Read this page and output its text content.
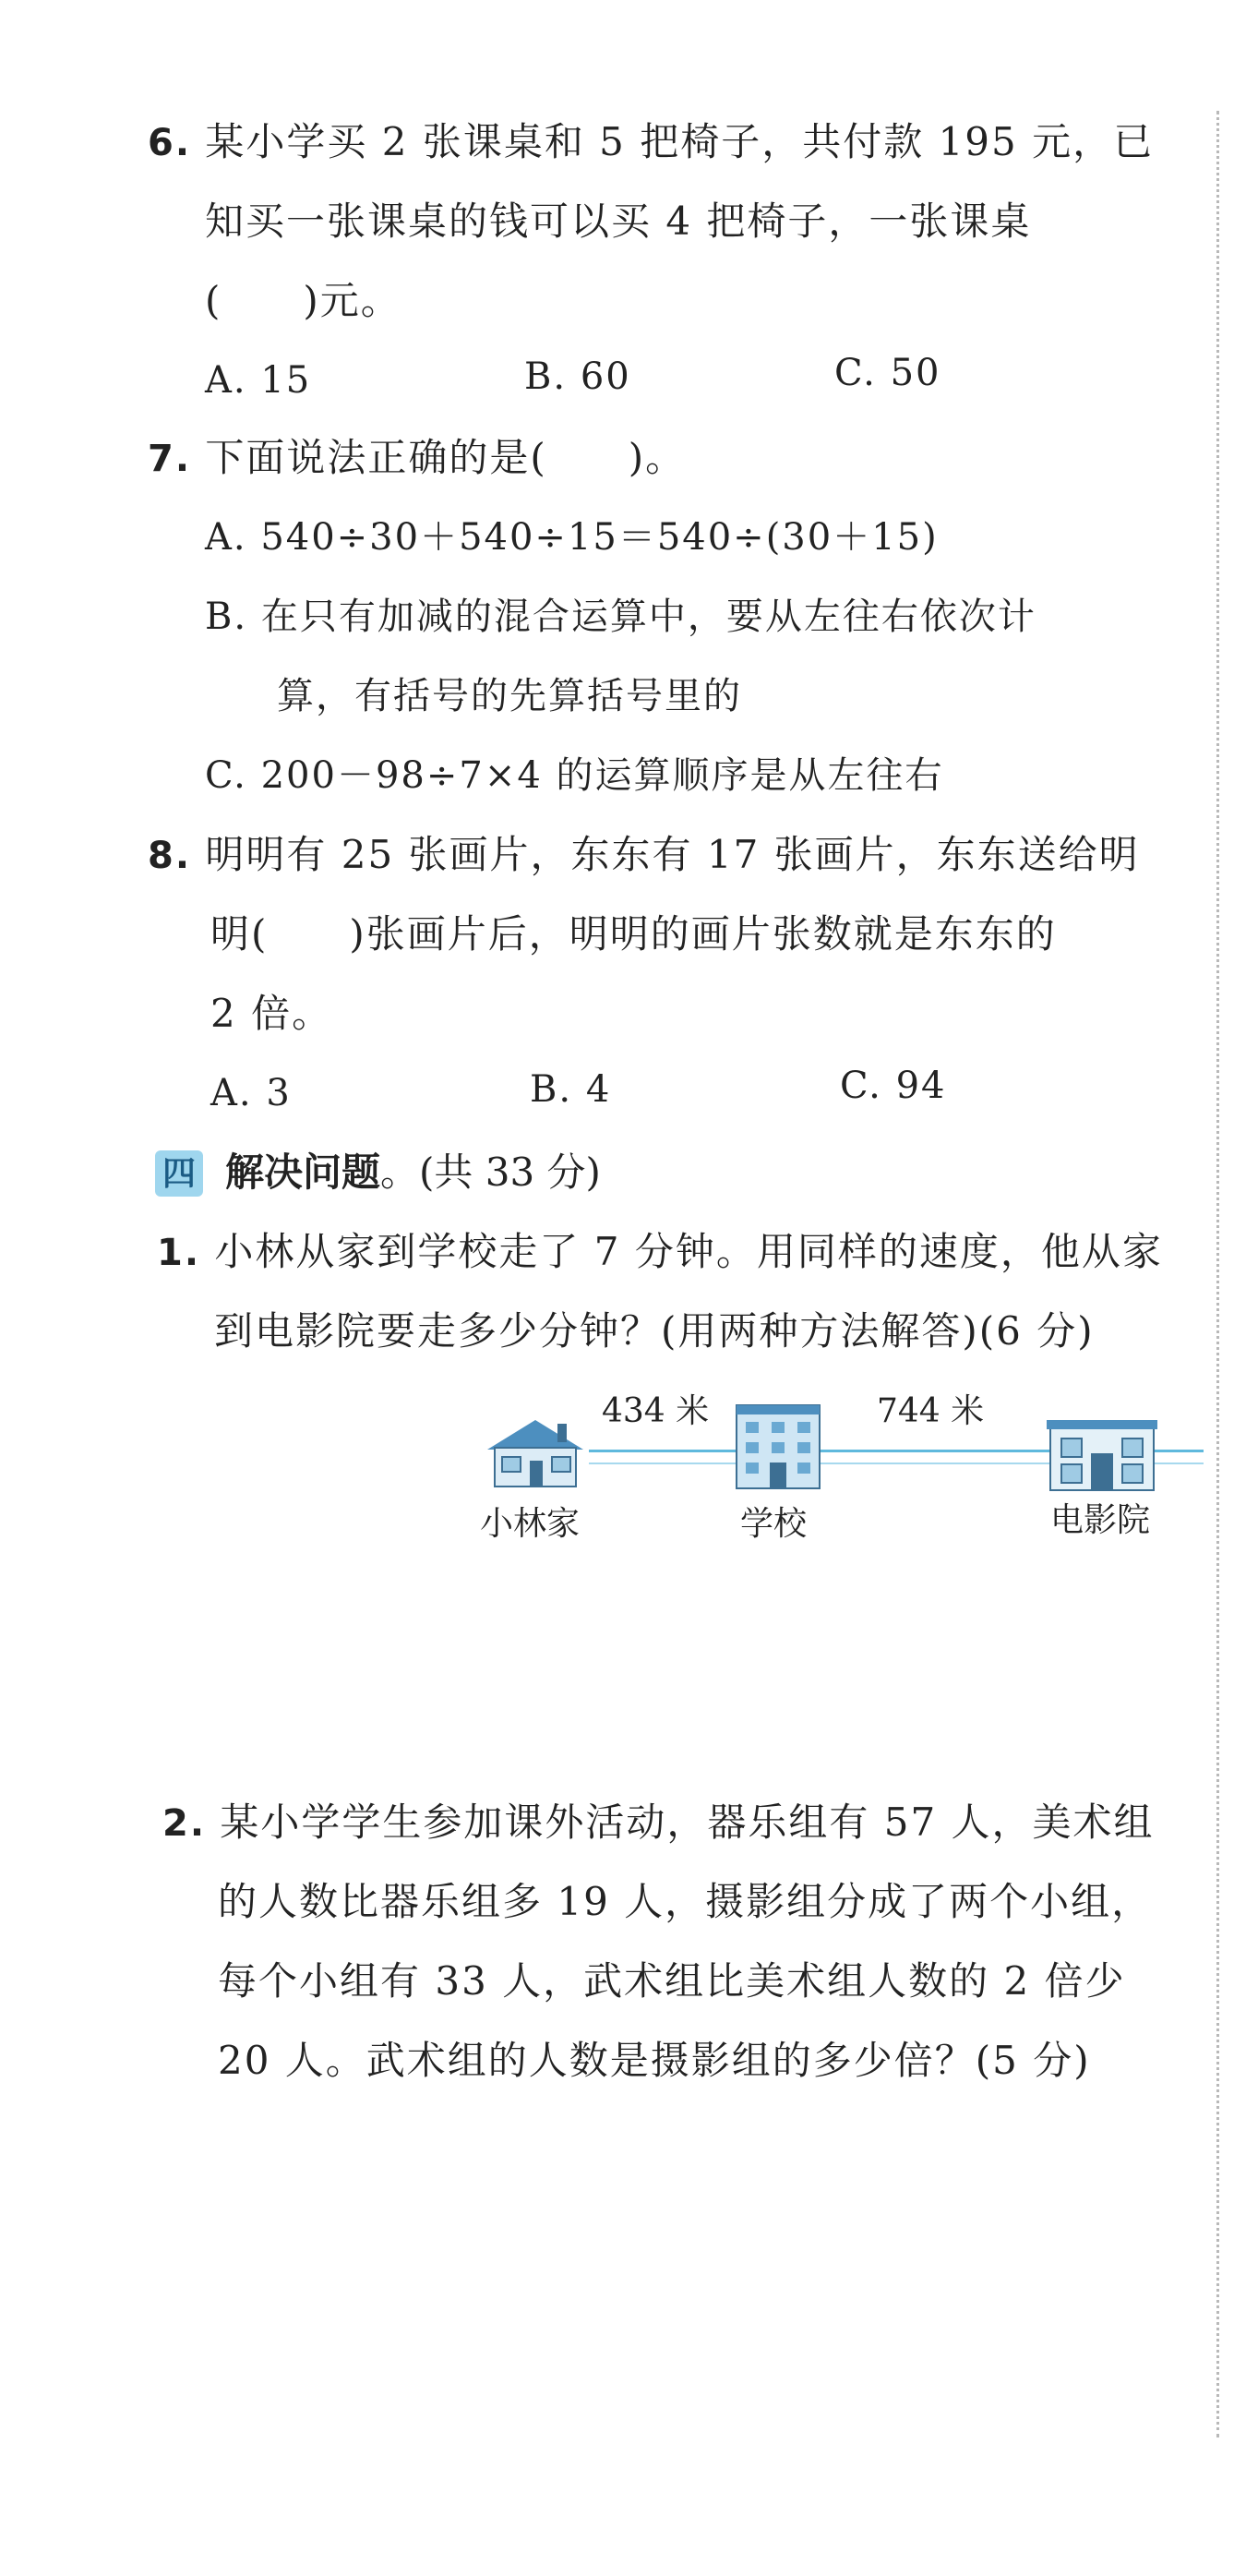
6. 某小学买 2 张课桌和 5 把椅子，共付款 195 元，已
知买一张课桌的钱可以买 4 把椅子，一张课桌
(　　)元。
A. 15	B. 60	C. 50
7. 下面说法正确的是(　　)。
A. 540÷30＋540÷15＝540÷(30＋15)
B. 在只有加减的混合运算中，要从左往右依次计
算，有括号的先算括号里的
C. 200－98÷7×4 的运算顺序是从左往右
8. 明明有 25 张画片，东东有 17 张画片，东东送给明
明(　　)张画片后，明明的画片张数就是东东的
2 倍。
A. 3	B. 4	C. 94
四 解决问题。(共 33 分)
1. 小林从家到学校走了 7 分钟。用同样的速度，他从家
到电影院要走多少分钟？(用两种方法解答)(6 分)
434 米	744 米
小林家	学校	电影院
2. 某小学学生参加课外活动，器乐组有 57 人，美术组
的人数比器乐组多 19 人，摄影组分成了两个小组，
每个小组有 33 人，武术组比美术组人数的 2 倍少
20 人。武术组的人数是摄影组的多少倍？(5 分)
